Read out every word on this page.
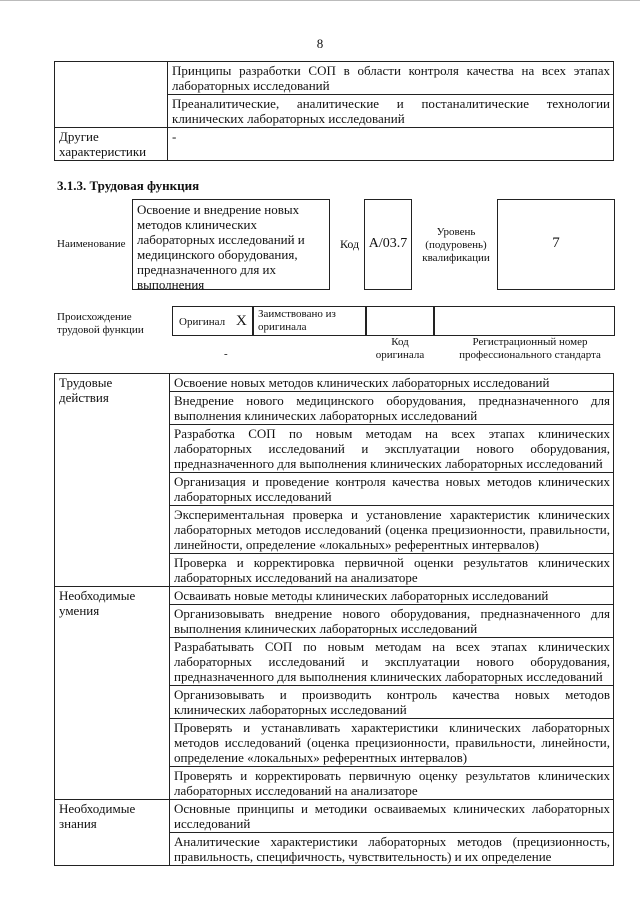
8

	Принципы разработки СОП в области контроля качества на всех этапах лабораторных исследований

	Преаналитические, аналитические и постаналитические технологии клинических лабораторных исследований

Другие характеристики	-
3.1.3. Трудовая функция
Наименование
Освоение и внедрение новых методов клинических лабораторных исследований и медицинского оборудования, предназначенного для их выполнения
Код А/03.7
Уровень (подуровень) квалификации
7
Происхождение трудовой функции
Оригинал X	Заимствовано из оригинала
Код оригинала
Регистрационный номер профессионального стандарта
-
Трудовые действия	Освоение новых методов клинических лабораторных исследований

	Внедрение нового медицинского оборудования, предназначенного для выполнения клинических лабораторных исследований

	Разработка СОП по новым методам на всех этапах клинических лабораторных исследований и эксплуатации нового оборудования, предназначенного для выполнения клинических лабораторных исследований

	Организация и проведение контроля качества новых методов клинических лабораторных исследований

	Экспериментальная проверка и установление характеристик клинических лабораторных методов исследований (оценка прецизионности, правильности, линейности, определение «локальных» референтных интервалов)

	Проверка и корректировка первичной оценки результатов клинических лабораторных исследований на анализаторе

Необходимые умения	Осваивать новые методы клинических лабораторных исследований

	Организовывать внедрение нового оборудования, предназначенного для выполнения клинических лабораторных исследований

	Разрабатывать СОП по новым методам на всех этапах клинических лабораторных исследований и эксплуатации нового оборудования, предназначенного для выполнения клинических лабораторных исследований

	Организовывать и производить контроль качества новых методов клинических лабораторных исследований

	Проверять и устанавливать характеристики клинических лабораторных методов исследований (оценка прецизионности, правильности, линейности, определение «локальных» референтных интервалов)

	Проверять и корректировать первичную оценку результатов клинических лабораторных исследований на анализаторе

Необходимые знания	Основные принципы и методики осваиваемых клинических лабораторных исследований

	Аналитические характеристики лабораторных методов (прецизионность, правильность, специфичность, чувствительность) и их определение
